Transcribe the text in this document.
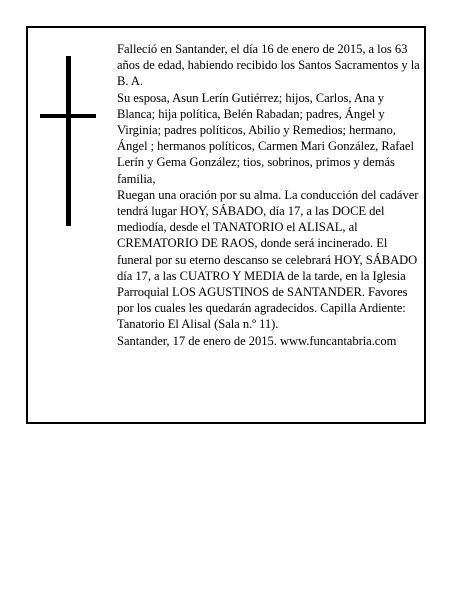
Falleció en Santander, el día 16 de enero de 2015, a los 63 años de edad, habiendo recibido los Santos Sacramentos y la B. A.

Su esposa, Asun Lerín Gutiérrez; hijos, Carlos, Ana y Blanca; hija política, Belén Rabadan; padres, Ángel y Virginia; padres políticos, Abilio y Remedios; hermano, Ángel ; hermanos políticos, Carmen Mari González, Rafael Lerín y Gema González; tios, sobrinos, primos y demás familia,

Ruegan una oración por su alma. La conducción del cadáver tendrá lugar HOY, SÁBADO, día 17, a las DOCE del mediodía, desde el TANATORIO el ALISAL, al CREMATORIO DE RAOS, donde será incinerado. El funeral por su eterno descanso se celebrará HOY, SÁBADO día 17, a las CUATRO Y MEDIA de la tarde, en la Iglesia Parroquial LOS AGUSTINOS de SANTANDER. Favores por los cuales les quedarán agradecidos. Capilla Ardiente: Tanatorio El Alisal (Sala n.º 11).

Santander, 17 de enero de 2015. www.funcantabria.com
